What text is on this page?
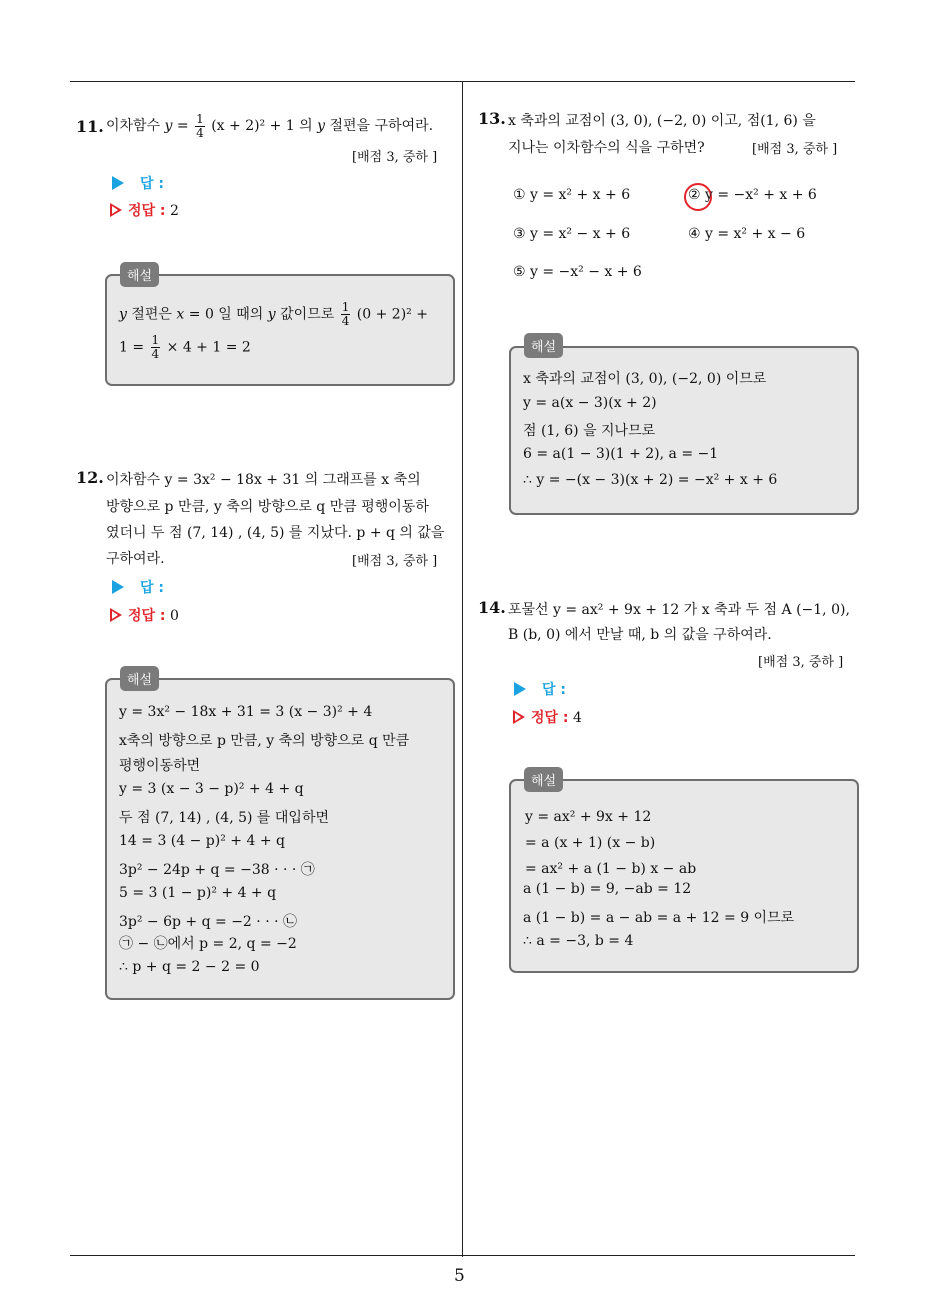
11. 이차함수 $y = \frac{1}{4} (x + 2)^2 + 1$ 의 y 절편을 구하여라.
[배점 3, 중하 ]
답 :
정답 : 2
y 절편은 x = 0 일 때의 y 값이므로 $\frac{1}{4} (0 + 2)^2$ +
$1 = \frac{1}{4} \times 4 + 1 = 2$
해설
12. 이차함수 y = 3x² − 18x + 31 의 그래프를 x 축의
방향으로 p 만큼, y 축의 방향으로 q 만큼 평행이동하
였더니 두 점 (7, 14) , (4, 5) 를 지났다. p + q 의 값을
구하여라.	[배점 3, 중하 ]
답 :
정답 : 0
y = 3x² − 18x + 31 = 3 (x − 3)² + 4
x축의 방향으로 p 만큼, y 축의 방향으로 q 만큼
평행이동하면
y = 3 (x − 3 − p)² + 4 + q
두 점 (7, 14) , (4, 5) 를 대입하면
14 = 3 (4 − p)² + 4 + q
3p² − 24p + q = −38 · · · ㉠
5 = 3 (1 − p)² + 4 + q
3p² − 6p + q = −2 · · · ㉡
㉠ − ㉡에서 p = 2, q = −2
∴ p + q = 2 − 2 = 0
해설
13. x 축과의 교점이 (3, 0), (−2, 0) 이고, 점(1, 6) 을
지나는 이차함수의 식을 구하면?	[배점 3, 중하 ]
① y = x² + x + 6	② y = −x² + x + 6
③ y = x² − x + 6	④ y = x² + x − 6
⑤ y = −x² − x + 6
x 축과의 교점이 (3, 0), (−2, 0) 이므로
y = a(x − 3)(x + 2)
점 (1, 6) 을 지나므로
6 = a(1 − 3)(1 + 2), a = −1
∴ y = −(x − 3)(x + 2) = −x² + x + 6
해설
14. 포물선 y = ax² + 9x + 12 가 x 축과 두 점 A (−1, 0),
B (b, 0) 에서 만날 때, b 의 값을 구하여라.
[배점 3, 중하 ]
답 :
정답 : 4
y = ax² + 9x + 12
= a (x + 1) (x − b)
= ax² + a (1 − b) x − ab
a (1 − b) = 9, −ab = 12
a (1 − b) = a − ab = a + 12 = 9 이므로
∴ a = −3, b = 4
해설
5
